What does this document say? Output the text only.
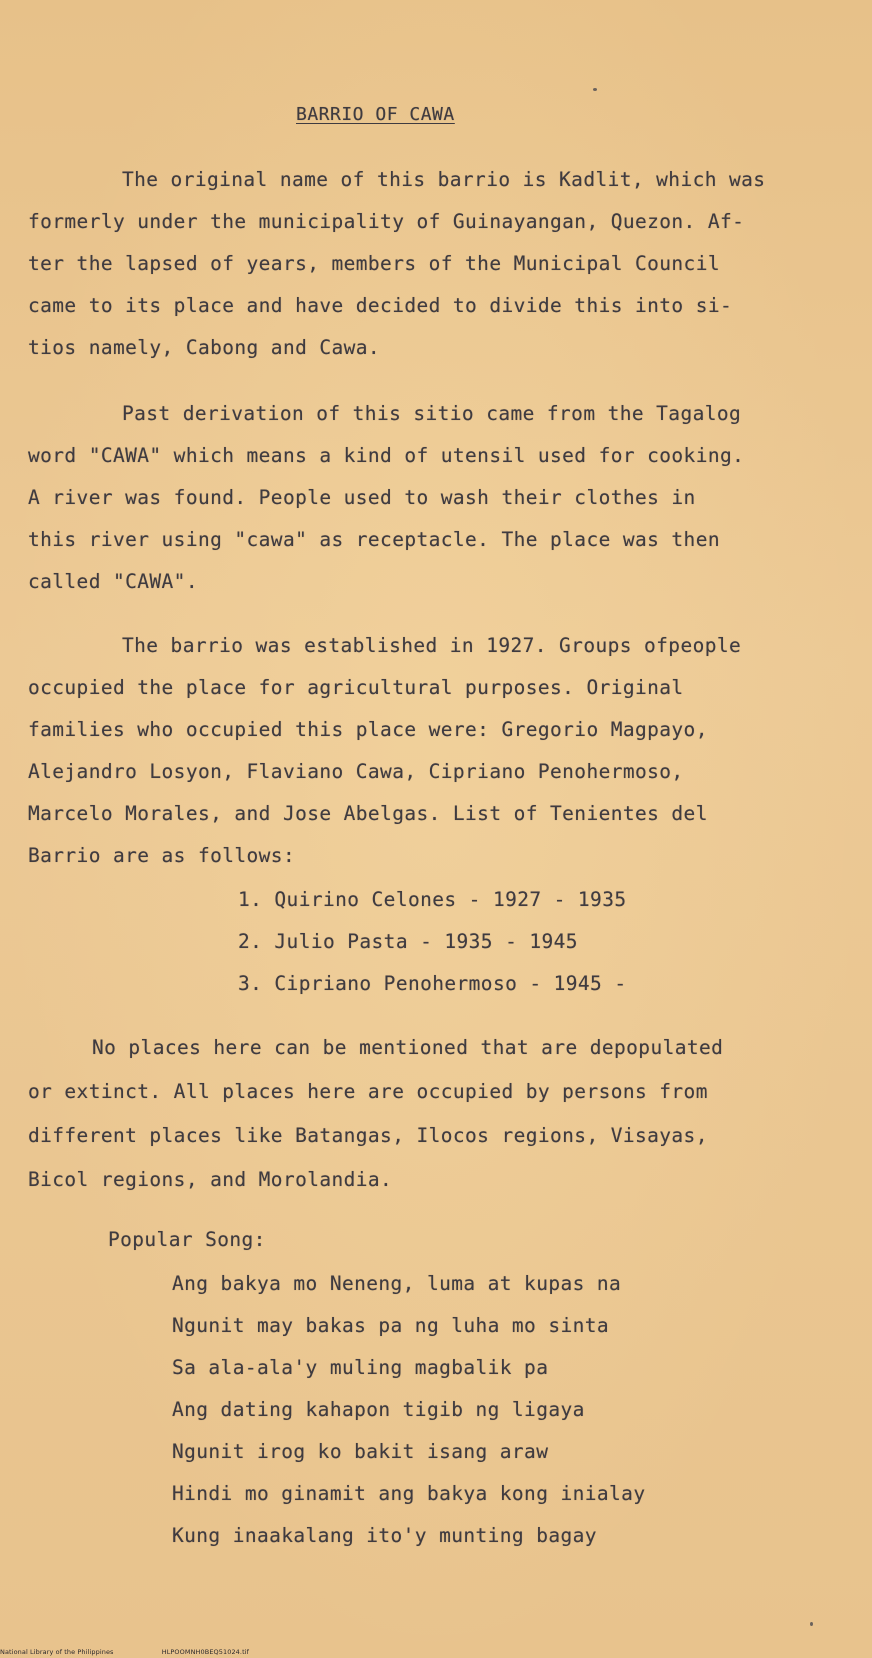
BARRIO OF CAWA

The original name of this barrio is Kadlit, which was

formerly under the municipality of Guinayangan, Quezon. Af-

ter the lapsed of years, members of the Municipal Council

came to its place and have decided to divide this into si-

tios namely, Cabong and Cawa.

Past derivation of this sitio came from the Tagalog

word "CAWA" which means a kind of utensil used for cooking.

A river was found. People used to wash their clothes in

this river using "cawa" as receptacle. The place was then

called "CAWA".

The barrio was established in 1927. Groups ofpeople

occupied the place for agricultural purposes. Original

families who occupied this place were: Gregorio Magpayo,

Alejandro Losyon, Flaviano Cawa, Cipriano Penohermoso,

Marcelo Morales, and Jose Abelgas. List of Tenientes del

Barrio are as follows:

1. Quirino Celones - 1927 - 1935

2. Julio Pasta - 1935 - 1945

3. Cipriano Penohermoso - 1945 -

No places here can be mentioned that are depopulated

or extinct. All places here are occupied by persons from

different places like Batangas, Ilocos regions, Visayas,

Bicol regions, and Morolandia.

Popular Song:

Ang bakya mo Neneng, luma at kupas na

Ngunit may bakas pa ng luha mo sinta

Sa ala-ala'y muling magbalik pa

Ang dating kahapon tigib ng ligaya

Ngunit irog ko bakit isang araw

Hindi mo ginamit ang bakya kong inialay

Kung inaakalang ito'y munting bagay

National Library of the Philippines	HLPOOMNH0BEQ51024.tif
